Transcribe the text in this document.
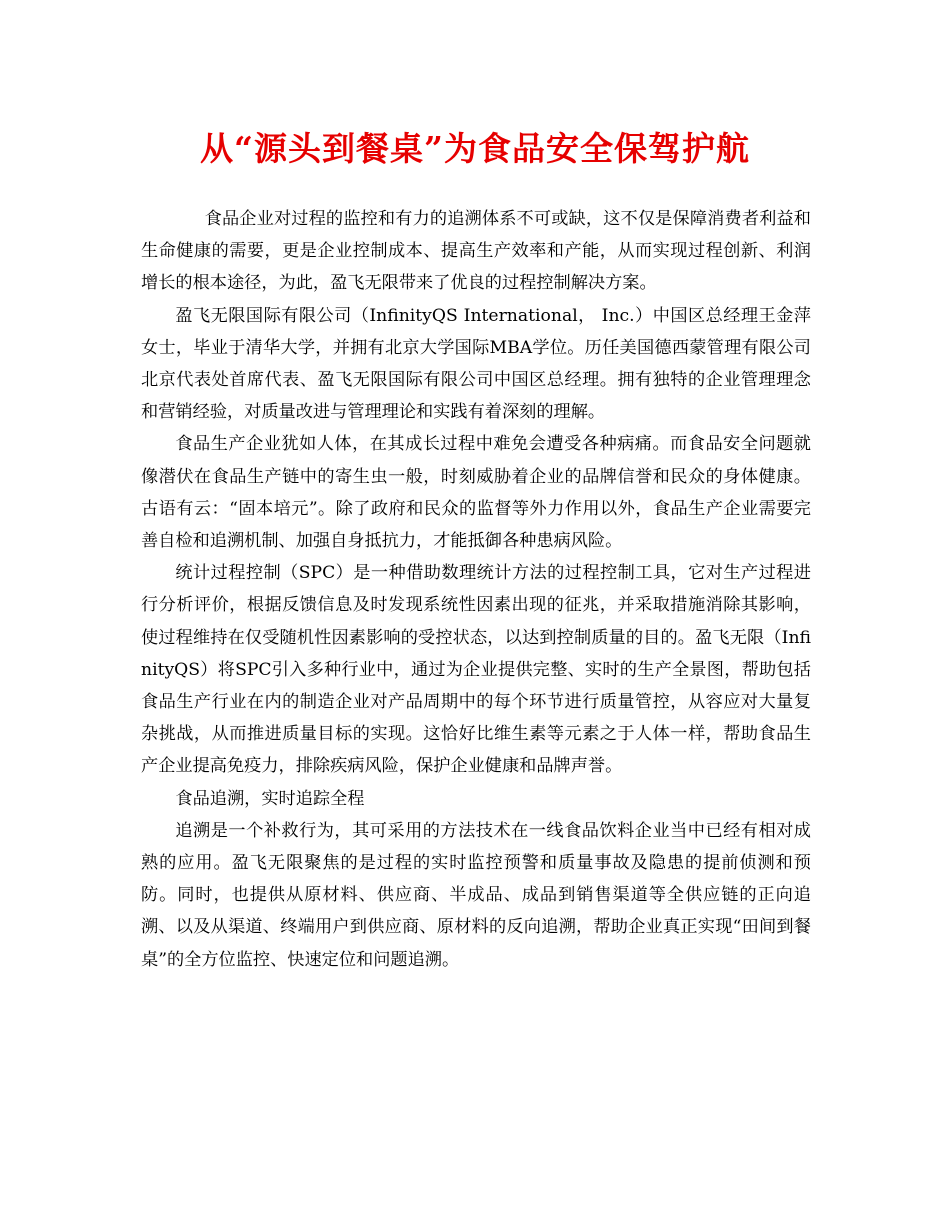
从“源头到餐桌”为食品安全保驾护航

食品企业对过程的监控和有力的追溯体系不可或缺，这不仅是保障消费者利益和生命健康的需要，更是企业控制成本、提高生产效率和产能，从而实现过程创新、利润增长的根本途径，为此，盈飞无限带来了优良的过程控制解决方案。

盈飞无限国际有限公司（InfinityQS International， Inc.）中国区总经理王金萍女士，毕业于清华大学，并拥有北京大学国际MBA学位。历任美国德西蒙管理有限公司北京代表处首席代表、盈飞无限国际有限公司中国区总经理。拥有独特的企业管理理念和营销经验，对质量改进与管理理论和实践有着深刻的理解。

食品生产企业犹如人体，在其成长过程中难免会遭受各种病痛。而食品安全问题就像潜伏在食品生产链中的寄生虫一般，时刻威胁着企业的品牌信誉和民众的身体健康。古语有云：“固本培元”。除了政府和民众的监督等外力作用以外，食品生产企业需要完善自检和追溯机制、加强自身抵抗力，才能抵御各种患病风险。

统计过程控制（SPC）是一种借助数理统计方法的过程控制工具，它对生产过程进行分析评价，根据反馈信息及时发现系统性因素出现的征兆，并采取措施消除其影响，使过程维持在仅受随机性因素影响的受控状态，以达到控制质量的目的。盈飞无限（InfinityQS）将SPC引入多种行业中，通过为企业提供完整、实时的生产全景图，帮助包括食品生产行业在内的制造企业对产品周期中的每个环节进行质量管控，从容应对大量复杂挑战，从而推进质量目标的实现。这恰好比维生素等元素之于人体一样，帮助食品生产企业提高免疫力，排除疾病风险，保护企业健康和品牌声誉。

食品追溯，实时追踪全程

追溯是一个补救行为，其可采用的方法技术在一线食品饮料企业当中已经有相对成熟的应用。盈飞无限聚焦的是过程的实时监控预警和质量事故及隐患的提前侦测和预防。同时，也提供从原材料、供应商、半成品、成品到销售渠道等全供应链的正向追溯、以及从渠道、终端用户到供应商、原材料的反向追溯，帮助企业真正实现“田间到餐桌”的全方位监控、快速定位和问题追溯。
